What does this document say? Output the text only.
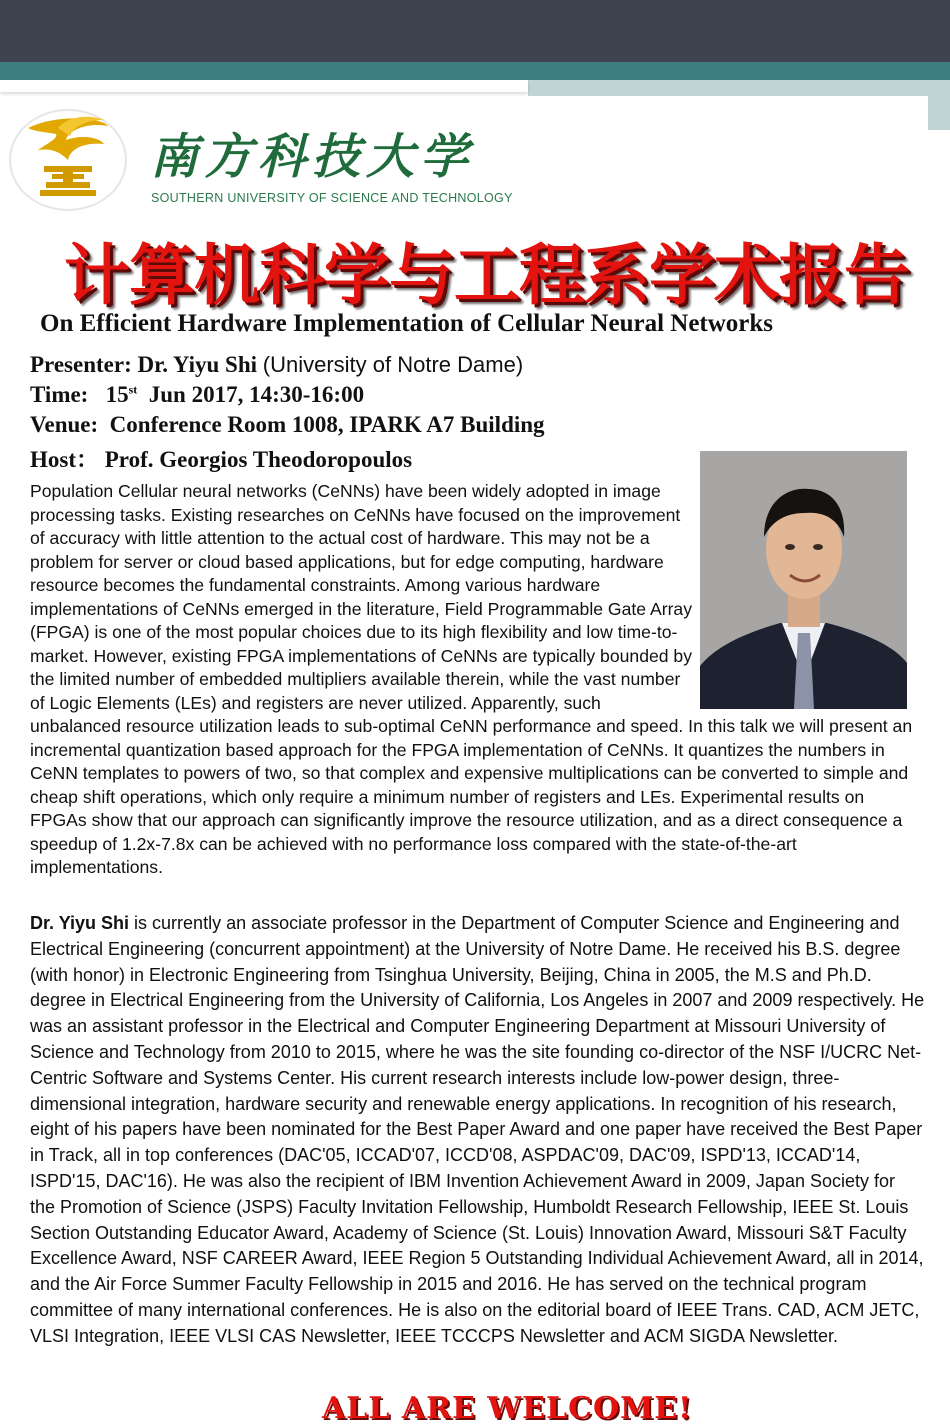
南方科技大学
SOUTHERN UNIVERSITY OF SCIENCE AND TECHNOLOGY
计算机科学与工程系学术报告
On Efficient Hardware Implementation of Cellular Neural Networks
Presenter: Dr. Yiyu Shi (University of Notre Dame)
Time: 15st Jun 2017, 14:30-16:00
Venue: Conference Room 1008, IPARK A7 Building
Host： Prof. Georgios Theodoropoulos
Population Cellular neural networks (CeNNs) have been widely adopted in image processing tasks. Existing researches on CeNNs have focused on the improvement of accuracy with little attention to the actual cost of hardware. This may not be a problem for server or cloud based applications, but for edge computing, hardware resource becomes the fundamental constraints. Among various hardware implementations of CeNNs emerged in the literature, Field Programmable Gate Array (FPGA) is one of the most popular choices due to its high flexibility and low time-to-market. However, existing FPGA implementations of CeNNs are typically bounded by the limited number of embedded multipliers available therein, while the vast number of Logic Elements (LEs) and registers are never utilized. Apparently, such unbalanced resource utilization leads to sub-optimal CeNN performance and speed. In this talk we will present an incremental quantization based approach for the FPGA implementation of CeNNs. It quantizes the numbers in CeNN templates to powers of two, so that complex and expensive multiplications can be converted to simple and cheap shift operations, which only require a minimum number of registers and LEs. Experimental results on FPGAs show that our approach can significantly improve the resource utilization, and as a direct consequence a speedup of 1.2x-7.8x can be achieved with no performance loss compared with the state-of-the-art implementations.
Dr. Yiyu Shi is currently an associate professor in the Department of Computer Science and Engineering and Electrical Engineering (concurrent appointment) at the University of Notre Dame. He received his B.S. degree (with honor) in Electronic Engineering from Tsinghua University, Beijing, China in 2005, the M.S and Ph.D. degree in Electrical Engineering from the University of California, Los Angeles in 2007 and 2009 respectively. He was an assistant professor in the Electrical and Computer Engineering Department at Missouri University of Science and Technology from 2010 to 2015, where he was the site founding co-director of the NSF I/UCRC Net-Centric Software and Systems Center. His current research interests include low-power design, three-dimensional integration, hardware security and renewable energy applications. In recognition of his research, eight of his papers have been nominated for the Best Paper Award and one paper have received the Best Paper in Track, all in top conferences (DAC'05, ICCAD'07, ICCD'08, ASPDAC'09, DAC'09, ISPD'13, ICCAD'14, ISPD'15, DAC'16). He was also the recipient of IBM Invention Achievement Award in 2009, Japan Society for the Promotion of Science (JSPS) Faculty Invitation Fellowship, Humboldt Research Fellowship, IEEE St. Louis Section Outstanding Educator Award, Academy of Science (St. Louis) Innovation Award, Missouri S&T Faculty Excellence Award, NSF CAREER Award, IEEE Region 5 Outstanding Individual Achievement Award, all in 2014, and the Air Force Summer Faculty Fellowship in 2015 and 2016. He has served on the technical program committee of many international conferences. He is also on the editorial board of IEEE Trans. CAD, ACM JETC, VLSI Integration, IEEE VLSI CAS Newsletter, IEEE TCCCPS Newsletter and ACM SIGDA Newsletter.
ALL ARE WELCOME!
